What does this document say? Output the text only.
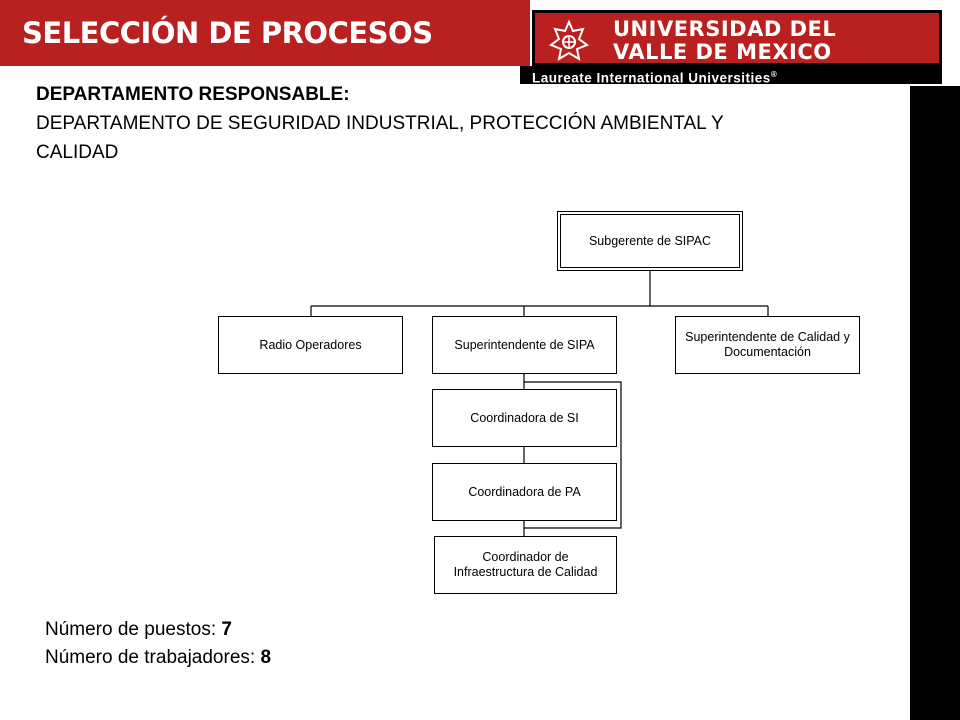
SELECCIÓN DE PROCESOS	UNIVERSIDAD DEL
VALLE DE MEXICO
Laureate International Universities®
DEPARTAMENTO RESPONSABLE:
DEPARTAMENTO DE SEGURIDAD INDUSTRIAL, PROTECCIÓN AMBIENTAL Y CALIDAD
Subgerente de SIPAC
Radio Operadores	Superintendente de SIPA
Superintendente de Calidad y Documentación
Coordinadora de SI
Coordinadora de PA
Coordinador de Infraestructura de Calidad
Número de puestos: 7
Número de trabajadores: 8
